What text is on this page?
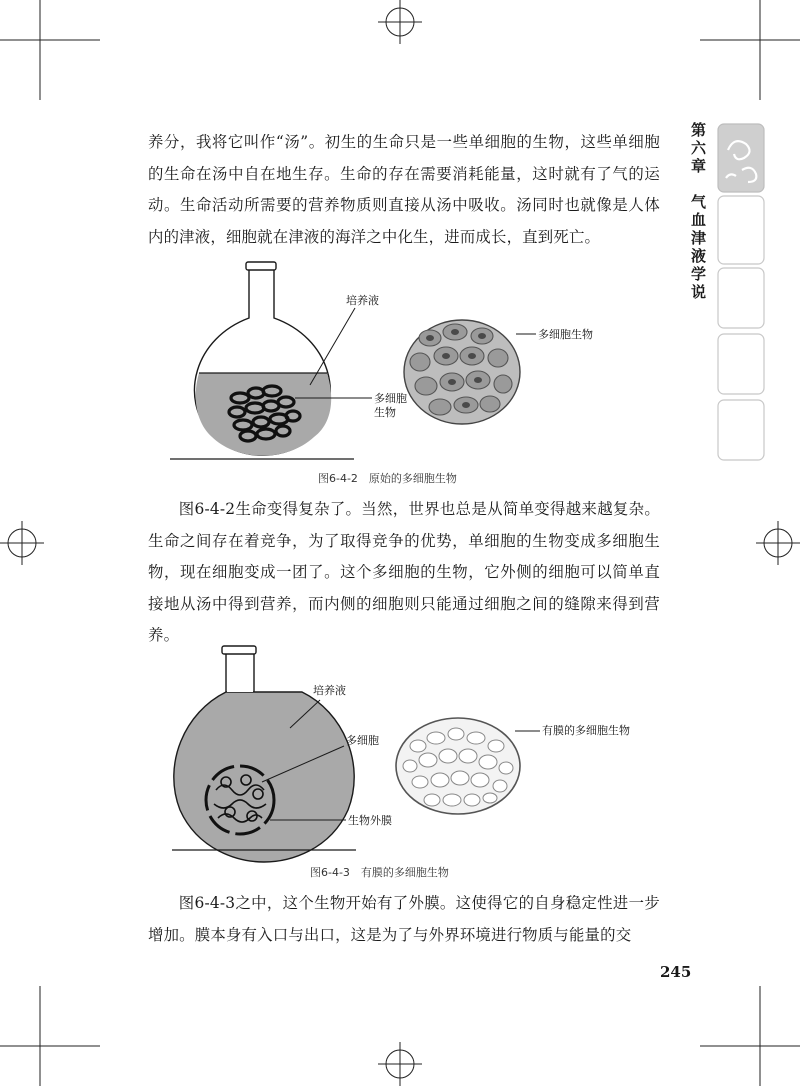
第六章　气血津液学说

养分，我将它叫作“汤”。初生的生命只是一些单细胞的生物，这些单细胞的生命在汤中自在地生存。生命的存在需要消耗能量，这时就有了气的运动。生命活动所需要的营养物质则直接从汤中吸收。汤同时也就像是人体内的津液，细胞就在津液的海洋之中化生，进而成长，直到死亡。

培养液
多细胞
生物
多细胞生物
图6-4-2　原始的多细胞生物

图6-4-2生命变得复杂了。当然，世界也总是从简单变得越来越复杂。生命之间存在着竞争，为了取得竞争的优势，单细胞的生物变成多细胞生物，现在细胞变成一团了。这个多细胞的生物，它外侧的细胞可以简单直接地从汤中得到营养，而内侧的细胞则只能通过细胞之间的缝隙来得到营养。

培养液
多细胞
生物外膜
有膜的多细胞生物
图6-4-3　有膜的多细胞生物

图6-4-3之中，这个生物开始有了外膜。这使得它的自身稳定性进一步增加。膜本身有入口与出口，这是为了与外界环境进行物质与能量的交

245
